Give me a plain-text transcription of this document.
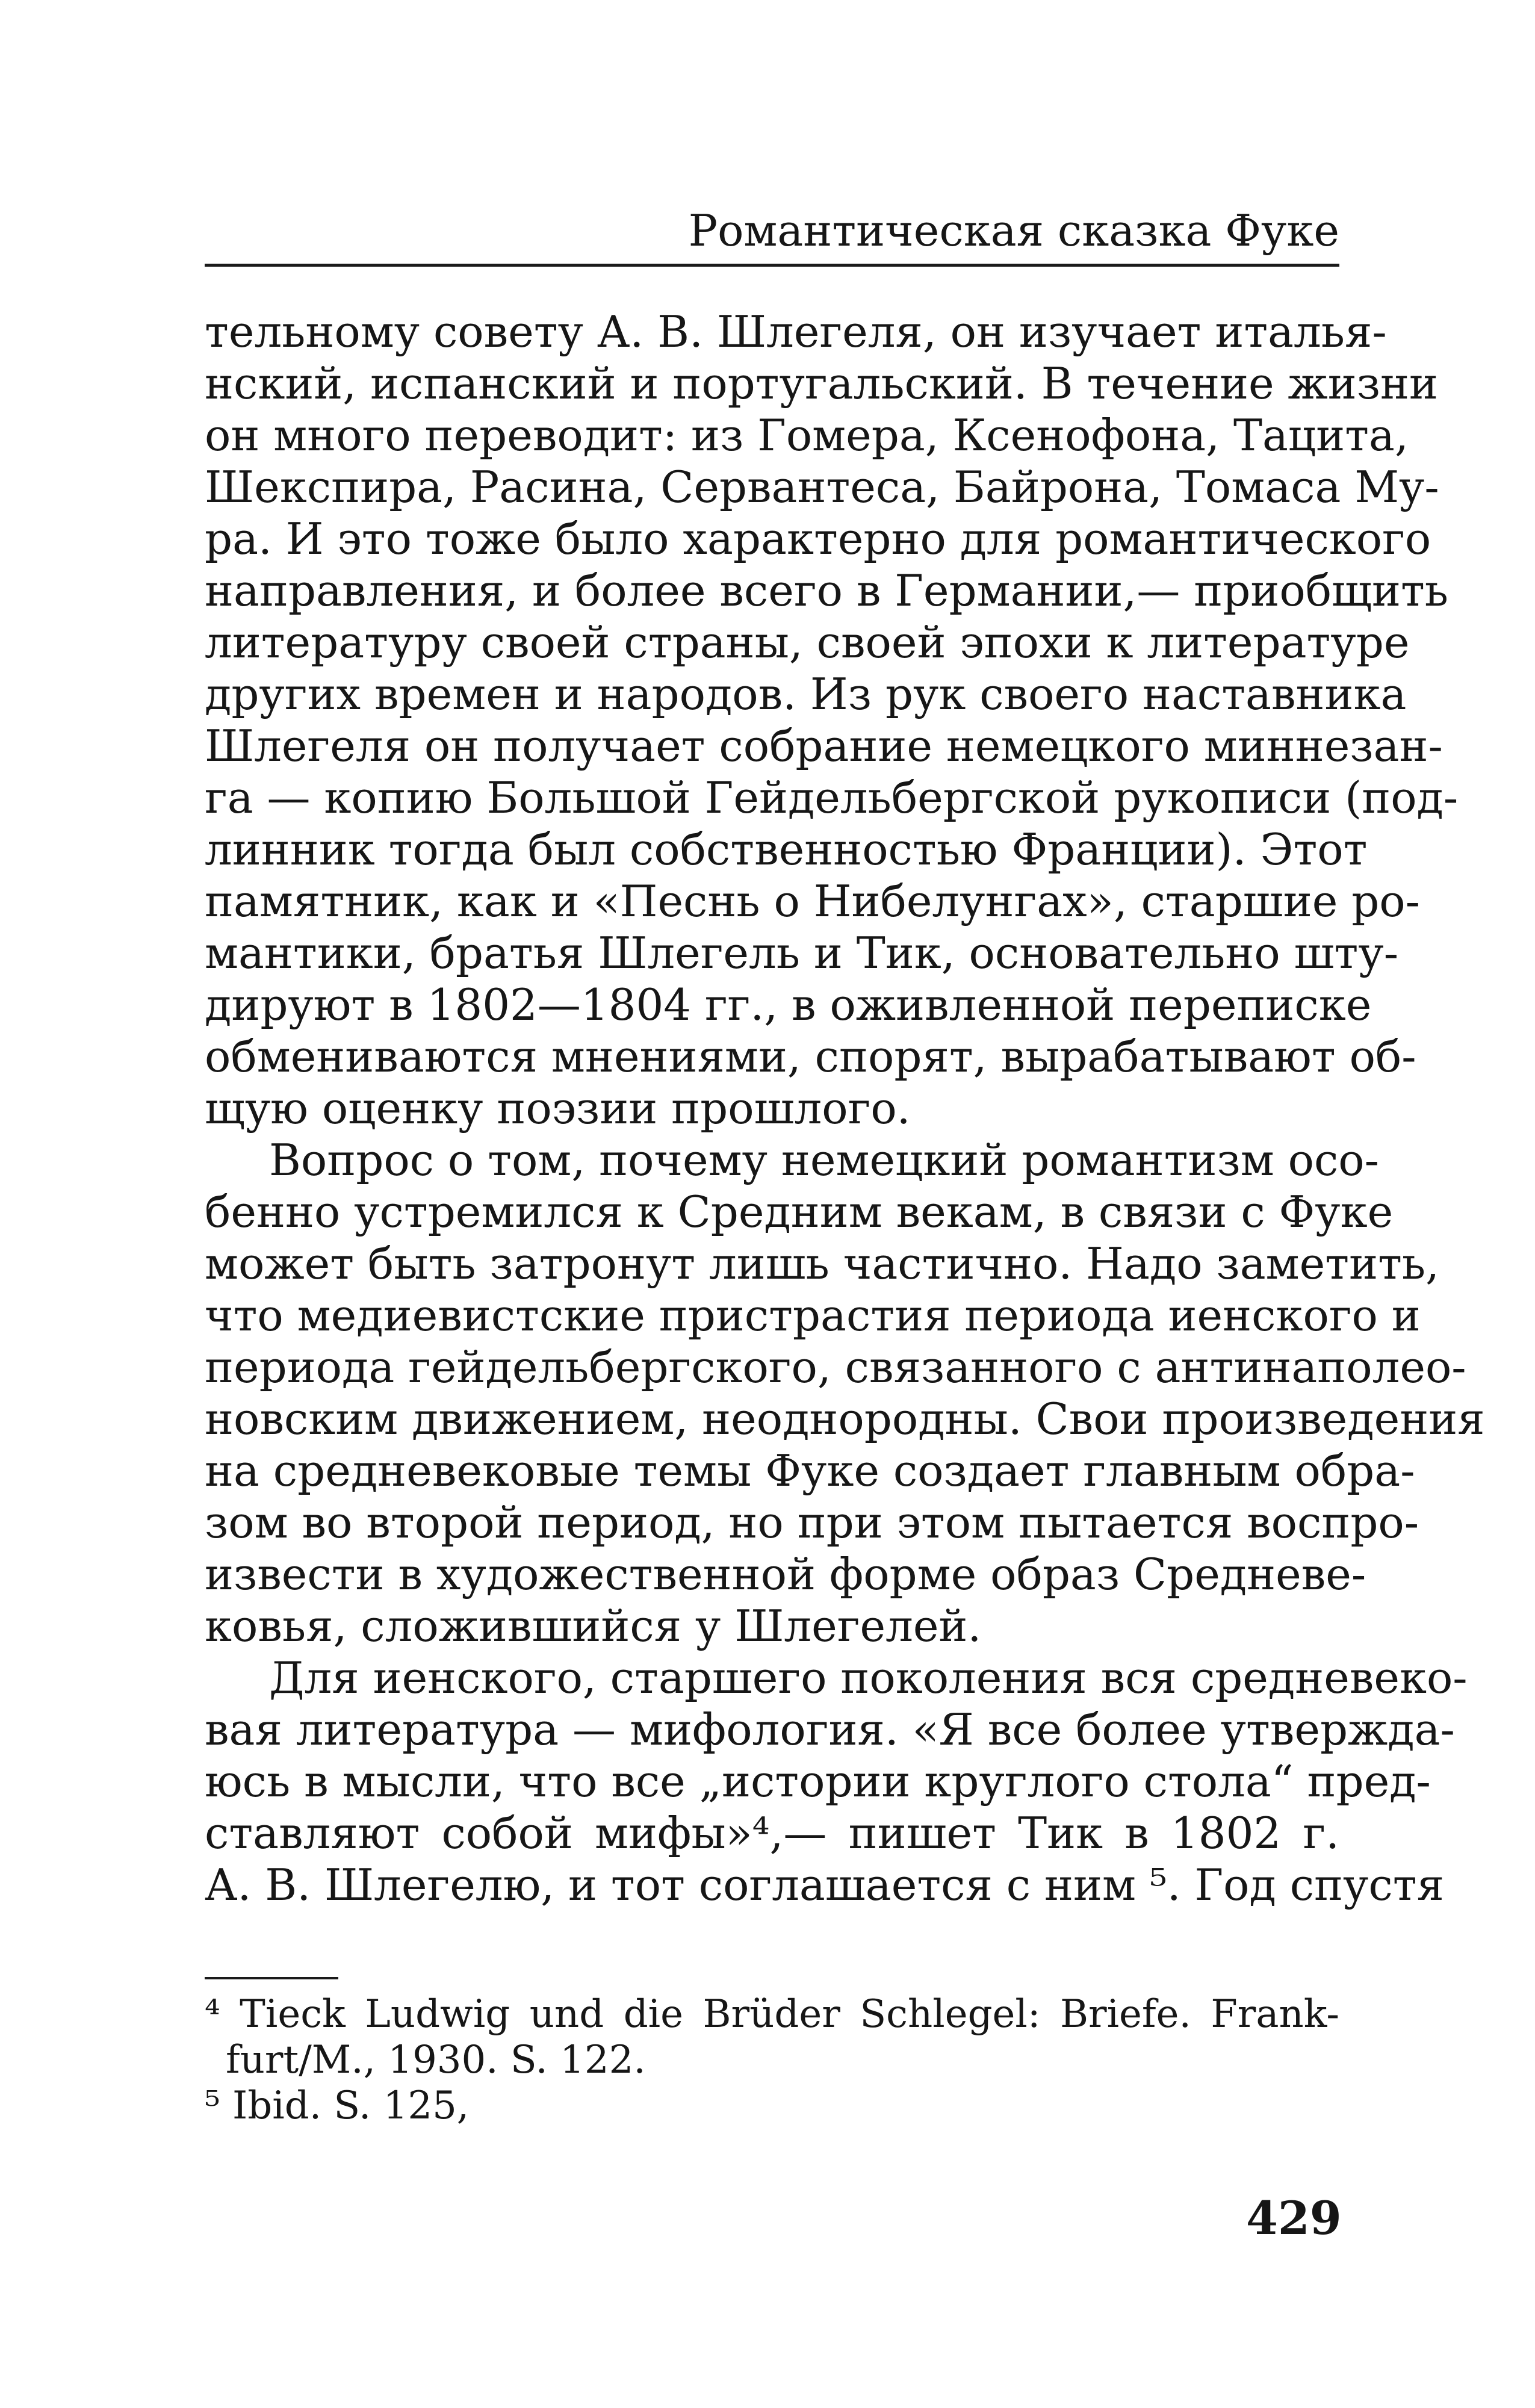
Романтическая сказка Фуке
тельному совету А. В. Шлегеля, он изучает италья-
нский, испанский и португальский. В течение жизни
он много переводит: из Гомера, Ксенофона, Тацита,
Шекспира, Расина, Сервантеса, Байрона, Томаса Му-
ра. И это тоже было характерно для романтического
направления, и более всего в Германии,— приобщить
литературу своей страны, своей эпохи к литературе
других времен и народов. Из рук своего наставника
Шлегеля он получает собрание немецкого миннезан-
га — копию Большой Гейдельбергской рукописи (под-
линник тогда был собственностью Франции). Этот
памятник, как и «Песнь о Нибелунгах», старшие ро-
мантики, братья Шлегель и Тик, основательно шту-
дируют в 1802—1804 гг., в оживленной переписке
обмениваются мнениями, спорят, вырабатывают об-
щую оценку поэзии прошлого.
Вопрос о том, почему немецкий романтизм осо-
бенно устремился к Средним векам, в связи с Фуке
может быть затронут лишь частично. Надо заметить,
что медиевистские пристрастия периода иенского и
периода гейдельбергского, связанного с антинаполео-
новским движением, неоднородны. Свои произведения
на средневековые темы Фуке создает главным обра-
зом во второй период, но при этом пытается воспро-
извести в художественной форме образ Средневе-
ковья, сложившийся у Шлегелей.
Для иенского, старшего поколения вся средневеко-
вая литература — мифология. «Я все более утвержда-
юсь в мысли, что все „истории круглого стола“ пред-
ставляют собой мифы»⁴,— пишет Тик в 1802 г.
А. В. Шлегелю, и тот соглашается с ним ⁵. Год спустя
⁴ Tieck Ludwig und die Brüder Schlegel: Briefe. Frank-
furt/M., 1930. S. 122.
⁵ Ibid. S. 125,
429
